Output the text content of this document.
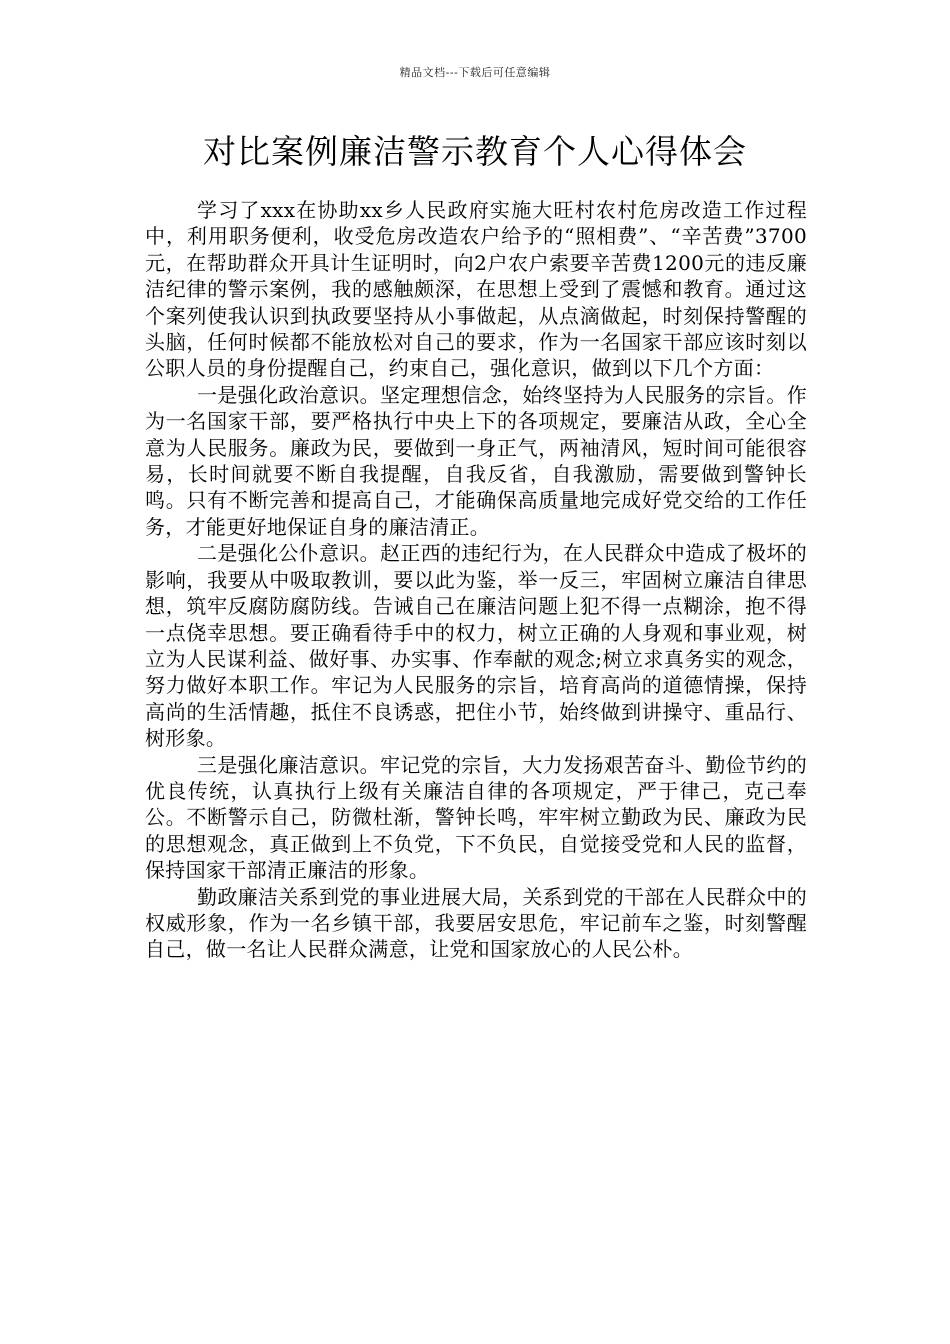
精品文档---下载后可任意编辑
对比案例廉洁警示教育个人心得体会

学习了xxx在协助xx乡人民政府实施大旺村农村危房改造工作过程中，利用职务便利，收受危房改造农户给予的“照相费”、“辛苦费”3700元，在帮助群众开具计生证明时，向2户农户索要辛苦费1200元的违反廉洁纪律的警示案例，我的感触颇深，在思想上受到了震憾和教育。通过这个案列使我认识到执政要坚持从小事做起，从点滴做起，时刻保持警醒的头脑，任何时候都不能放松对自己的要求，作为一名国家干部应该时刻以公职人员的身份提醒自己，约束自己，强化意识，做到以下几个方面：

一是强化政治意识。坚定理想信念，始终坚持为人民服务的宗旨。作为一名国家干部，要严格执行中央上下的各项规定，要廉洁从政，全心全意为人民服务。廉政为民，要做到一身正气，两袖清风，短时间可能很容易，长时间就要不断自我提醒，自我反省，自我激励，需要做到警钟长鸣。只有不断完善和提高自己，才能确保高质量地完成好党交给的工作任务，才能更好地保证自身的廉洁清正。

二是强化公仆意识。赵正西的违纪行为，在人民群众中造成了极坏的影响，我要从中吸取教训，要以此为鉴，举一反三，牢固树立廉洁自律思想，筑牢反腐防腐防线。告诫自己在廉洁问题上犯不得一点糊涂，抱不得一点侥幸思想。要正确看待手中的权力，树立正确的人身观和事业观，树立为人民谋利益、做好事、办实事、作奉献的观念;树立求真务实的观念，努力做好本职工作。牢记为人民服务的宗旨，培育高尚的道德情操，保持高尚的生活情趣，抵住不良诱惑，把住小节，始终做到讲操守、重品行、树形象。

三是强化廉洁意识。牢记党的宗旨，大力发扬艰苦奋斗、勤俭节约的优良传统，认真执行上级有关廉洁自律的各项规定，严于律己，克己奉公。不断警示自己，防微杜渐，警钟长鸣，牢牢树立勤政为民、廉政为民的思想观念，真正做到上不负党，下不负民，自觉接受党和人民的监督，保持国家干部清正廉洁的形象。

勤政廉洁关系到党的事业进展大局，关系到党的干部在人民群众中的权威形象，作为一名乡镇干部，我要居安思危，牢记前车之鉴，时刻警醒自己，做一名让人民群众满意，让党和国家放心的人民公朴。
